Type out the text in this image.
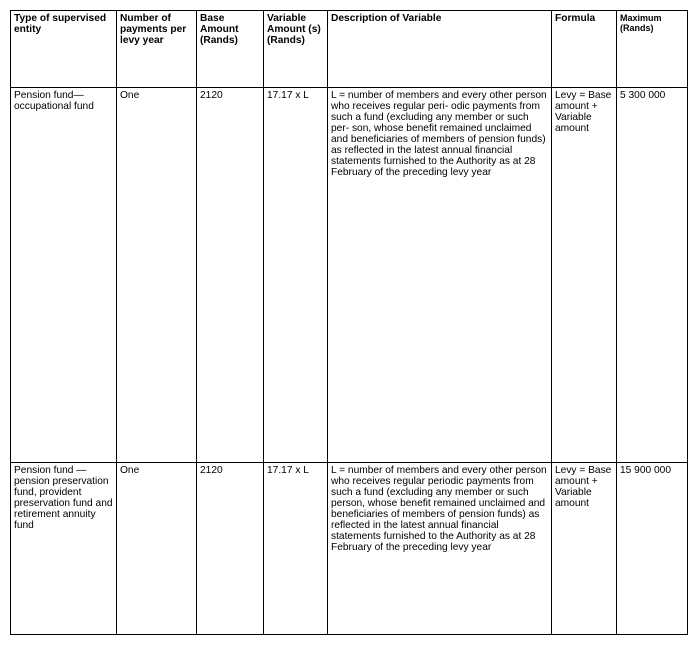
Type of supervised entity	Number of payments per levy year	Base Amount (Rands)	Variable Amount (s) (Rands)	Description of Variable	Formula	Maximum (Rands)
Pension fund—occupational fund	One	2120	17.17 x L	L = number of members and every other person who receives regular peri- odic payments from such a fund (excluding any member or such per- son, whose benefit remained unclaimed and beneficiaries of members of pension funds) as reflected in the latest annual financial statements furnished to the Authority as at 28 February of the preceding levy year	Levy = Base amount + Variable amount	5 300 000
Pension fund — pension preservation fund, provident preservation fund and retirement annuity fund	One	2120	17.17 x L	L = number of members and every other person who receives regular periodic payments from such a fund (excluding any member or such person, whose benefit remained unclaimed and beneficiaries of members of pension funds) as reflected in the latest annual financial statements furnished to the Authority as at 28 February of the preceding levy year	Levy = Base amount + Variable amount	15 900 000
